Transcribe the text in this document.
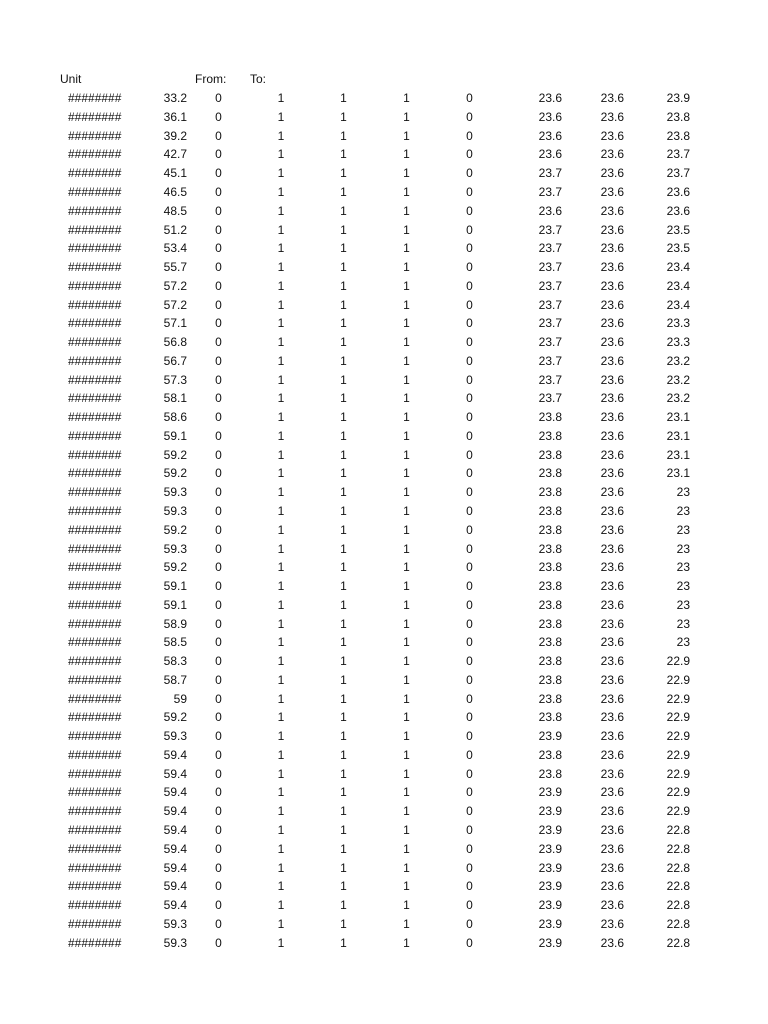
Unit	From:		To:						
########	33.2	0	1	1	1	0	23.6	23.6	23.9
########	36.1	0	1	1	1	0	23.6	23.6	23.8
########	39.2	0	1	1	1	0	23.6	23.6	23.8
########	42.7	0	1	1	1	0	23.6	23.6	23.7
########	45.1	0	1	1	1	0	23.7	23.6	23.7
########	46.5	0	1	1	1	0	23.7	23.6	23.6
########	48.5	0	1	1	1	0	23.6	23.6	23.6
########	51.2	0	1	1	1	0	23.7	23.6	23.5
########	53.4	0	1	1	1	0	23.7	23.6	23.5
########	55.7	0	1	1	1	0	23.7	23.6	23.4
########	57.2	0	1	1	1	0	23.7	23.6	23.4
########	57.2	0	1	1	1	0	23.7	23.6	23.4
########	57.1	0	1	1	1	0	23.7	23.6	23.3
########	56.8	0	1	1	1	0	23.7	23.6	23.3
########	56.7	0	1	1	1	0	23.7	23.6	23.2
########	57.3	0	1	1	1	0	23.7	23.6	23.2
########	58.1	0	1	1	1	0	23.7	23.6	23.2
########	58.6	0	1	1	1	0	23.8	23.6	23.1
########	59.1	0	1	1	1	0	23.8	23.6	23.1
########	59.2	0	1	1	1	0	23.8	23.6	23.1
########	59.2	0	1	1	1	0	23.8	23.6	23.1
########	59.3	0	1	1	1	0	23.8	23.6	23
########	59.3	0	1	1	1	0	23.8	23.6	23
########	59.2	0	1	1	1	0	23.8	23.6	23
########	59.3	0	1	1	1	0	23.8	23.6	23
########	59.2	0	1	1	1	0	23.8	23.6	23
########	59.1	0	1	1	1	0	23.8	23.6	23
########	59.1	0	1	1	1	0	23.8	23.6	23
########	58.9	0	1	1	1	0	23.8	23.6	23
########	58.5	0	1	1	1	0	23.8	23.6	23
########	58.3	0	1	1	1	0	23.8	23.6	22.9
########	58.7	0	1	1	1	0	23.8	23.6	22.9
########	59	0	1	1	1	0	23.8	23.6	22.9
########	59.2	0	1	1	1	0	23.8	23.6	22.9
########	59.3	0	1	1	1	0	23.9	23.6	22.9
########	59.4	0	1	1	1	0	23.8	23.6	22.9
########	59.4	0	1	1	1	0	23.8	23.6	22.9
########	59.4	0	1	1	1	0	23.9	23.6	22.9
########	59.4	0	1	1	1	0	23.9	23.6	22.9
########	59.4	0	1	1	1	0	23.9	23.6	22.8
########	59.4	0	1	1	1	0	23.9	23.6	22.8
########	59.4	0	1	1	1	0	23.9	23.6	22.8
########	59.4	0	1	1	1	0	23.9	23.6	22.8
########	59.4	0	1	1	1	0	23.9	23.6	22.8
########	59.3	0	1	1	1	0	23.9	23.6	22.8
########	59.3	0	1	1	1	0	23.9	23.6	22.8
